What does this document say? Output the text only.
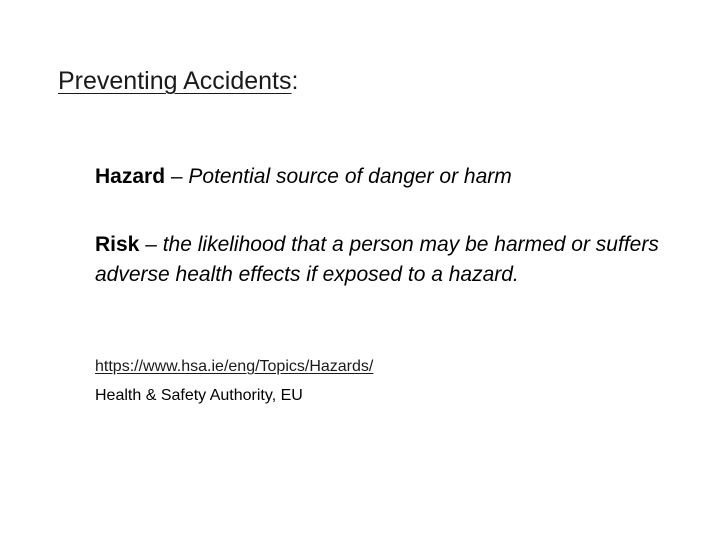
Preventing Accidents:
Hazard – Potential source of danger or harm
Risk – the likelihood that a person may be harmed or suffers adverse health effects if exposed to a hazard.
https://www.hsa.ie/eng/Topics/Hazards/
Health & Safety Authority, EU
